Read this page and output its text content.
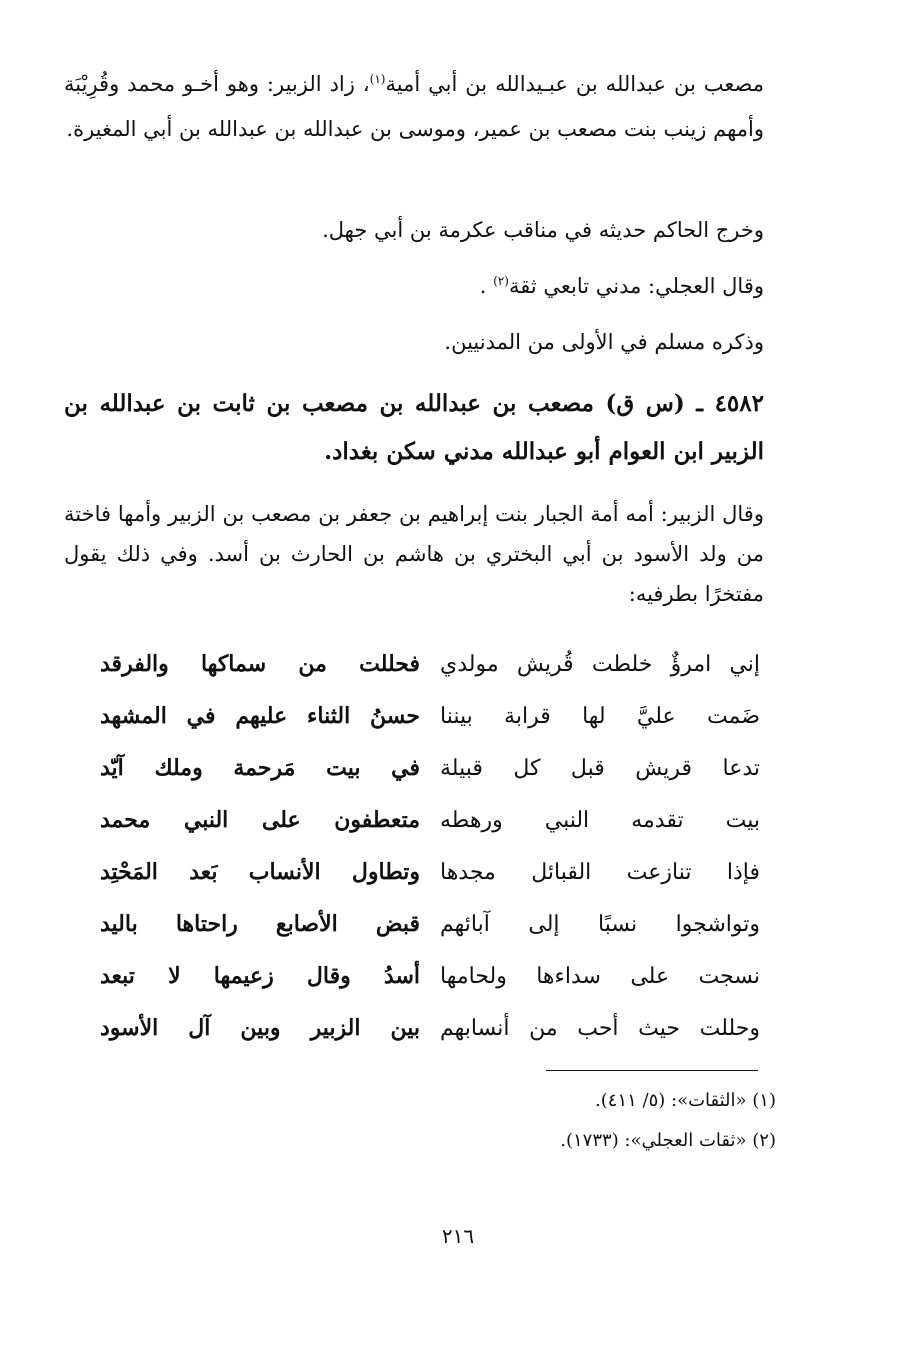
مصعب بن عبدالله بن عبـيدالله بن أبي أمية$^{(١)}$، زاد الزبير: وهو أخـو محمد وقُرِيْبَة وأمهم زينب بنت مصعب بن عمير، وموسى بن عبدالله بن عبدالله بن أبي المغيرة.

وخرج الحاكم حديثه في مناقب عكرمة بن أبي جهل.

وقال العجلي: مدني تابعي ثقة$^{(٢)}$ .

وذكره مسلم في الأولى من المدنيين.

٤٥٨٢ ـ (س ق) مصعب بن عبدالله بن مصعب بن ثابت بن عبدالله بن الزبير ابن العوام أبو عبدالله مدني سكن بغداد.

وقال الزبير: أمه أمة الجبار بنت إبراهيم بن جعفر بن مصعب بن الزبير وأمها فاختة من ولد الأسود بن أبي البختري بن هاشم بن الحارث بن أسد. وفي ذلك يقول مفتخرًا بطرفيه:

إني امرؤٌ خلطت قُريش مولدي
فحللت من سماكها والفرقد
ضَمت عليَّ لها قرابة بيننا
حسنُ الثناء عليهم في المشهد
تدعا قريش قبل كل قبيلة
في بيت مَرحمة وملك آيّد
بيت تقدمه النبي ورهطه
متعطفون على النبي محمد
فإذا تنازعت القبائل مجدها
وتطاول الأنساب بَعد المَحْتِد
وتواشجوا نسبًا إلى آبائهم
قبض الأصابع راحتاها باليد
نسجت على سداءها ولحامها
أسدُ وقال زعيمها لا تبعد
وحللت حيث أحب من أنسابهم
بين الزبير وبين آل الأسود
(١) «الثقات»: (٥/ ٤١١).
(٢) «ثقات العجلي»: (١٧٣٣).
٢١٦
